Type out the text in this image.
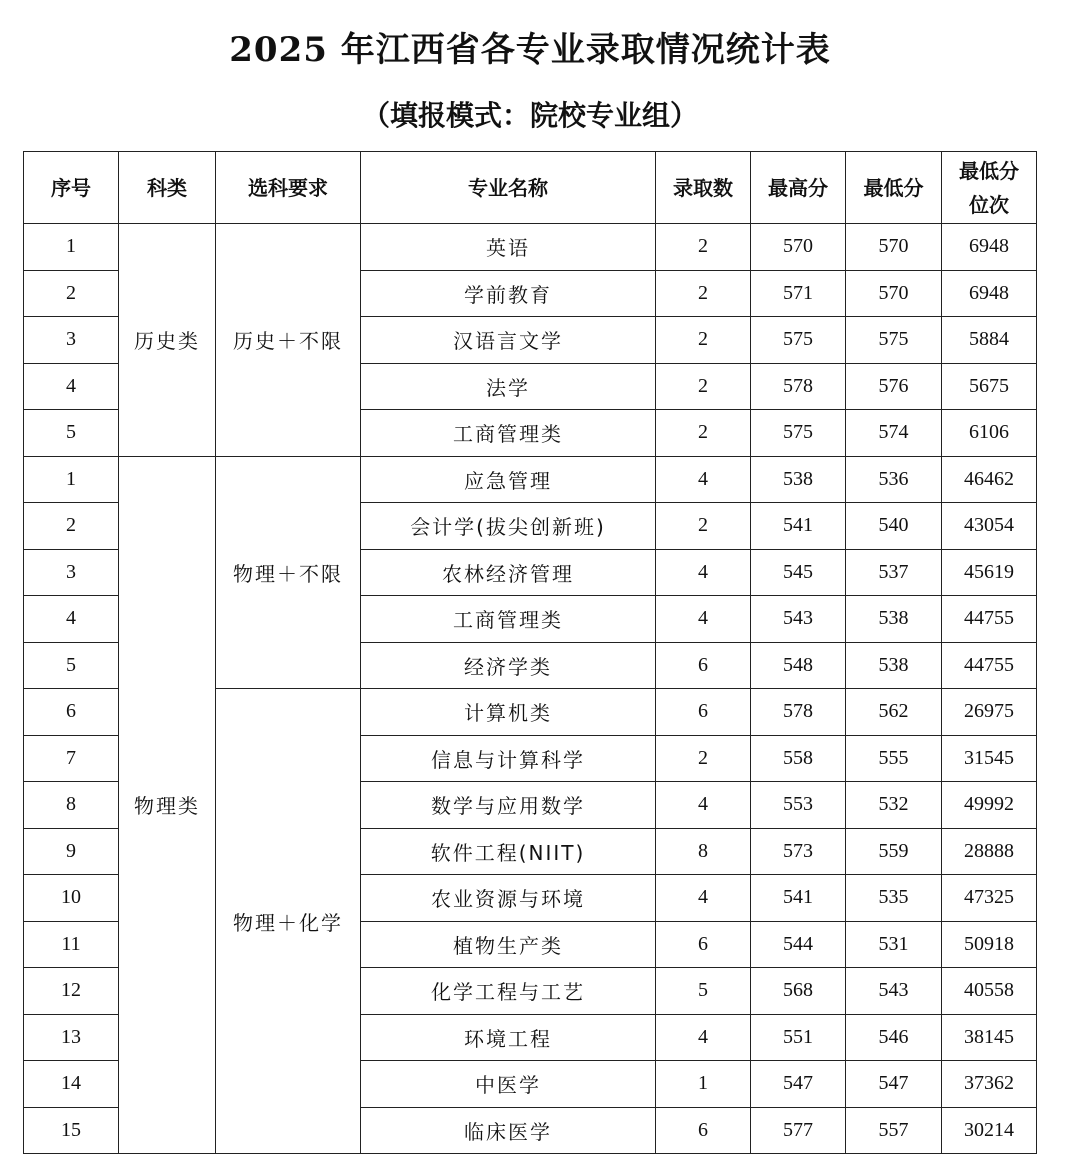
2025 年江西省各专业录取情况统计表
（填报模式：院校专业组）
序号	科类	选科要求	专业名称	录取数	最高分	最低分	最低分位次
1	历史类	历史＋不限	英语	2	570	570	6948
2			学前教育	2	571	570	6948
3			汉语言文学	2	575	575	5884
4			法学	2	578	576	5675
5			工商管理类	2	575	574	6106
1	物理类	物理＋不限	应急管理	4	538	536	46462
2			会计学(拔尖创新班)	2	541	540	43054
3			农林经济管理	4	545	537	45619
4			工商管理类	4	543	538	44755
5			经济学类	6	548	538	44755
6		物理＋化学	计算机类	6	578	562	26975
7			信息与计算科学	2	558	555	31545
8			数学与应用数学	4	553	532	49992
9			软件工程(NIIT)	8	573	559	28888
10			农业资源与环境	4	541	535	47325
11			植物生产类	6	544	531	50918
12			化学工程与工艺	5	568	543	40558
13			环境工程	4	551	546	38145
14			中医学	1	547	547	37362
15			临床医学	6	577	557	30214
